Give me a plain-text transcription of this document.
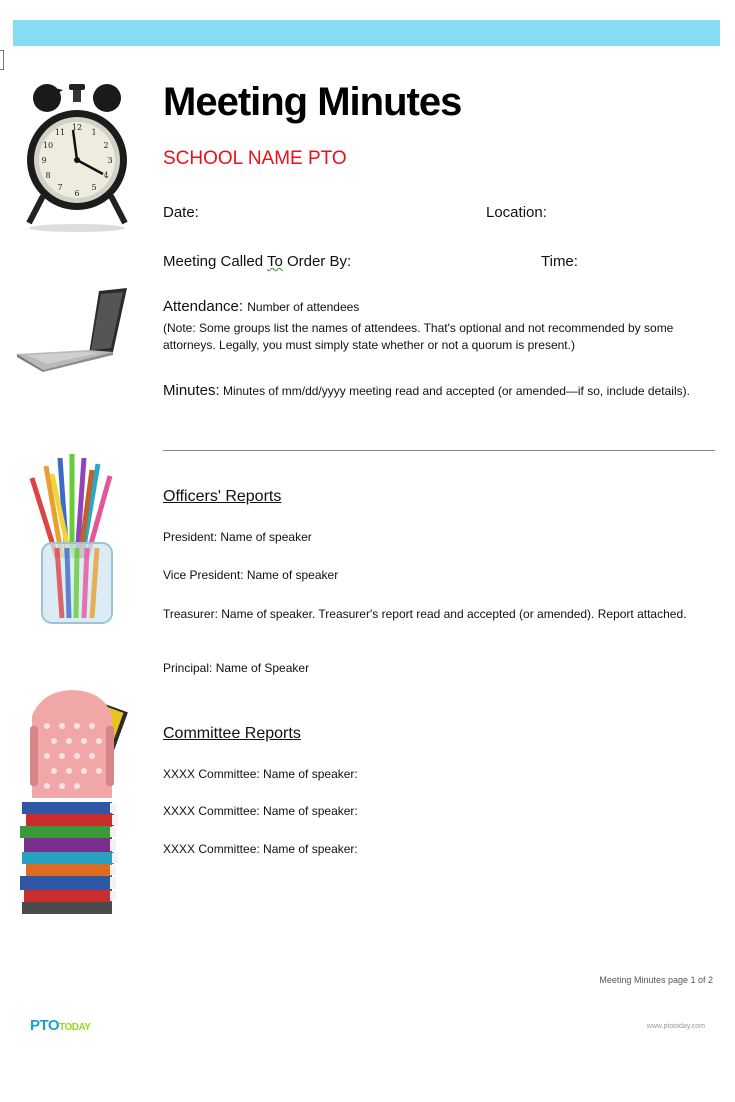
12
1
2
3
4
5
6
7
8
9
10
11
Meeting Minutes
SCHOOL NAME PTO
Date:	Location:
Meeting Called To Order By:	Time:
Attendance: Number of attendees
(Note: Some groups list the names of attendees. That's optional and not recommended by some attorneys. Legally, you must simply state whether or not a quorum is present.)
Minutes: Minutes of mm/dd/yyyy meeting read and accepted (or amended—if so, include details).
Officers' Reports
President: Name of speaker
Vice President: Name of speaker
Treasurer: Name of speaker. Treasurer's report read and accepted (or amended). Report attached.
Principal: Name of Speaker
Committee Reports
XXXX Committee: Name of speaker:
XXXX Committee: Name of speaker:
XXXX Committee: Name of speaker:
Meeting Minutes page 1 of 2
PTOTODAY	www.ptotoday.com
